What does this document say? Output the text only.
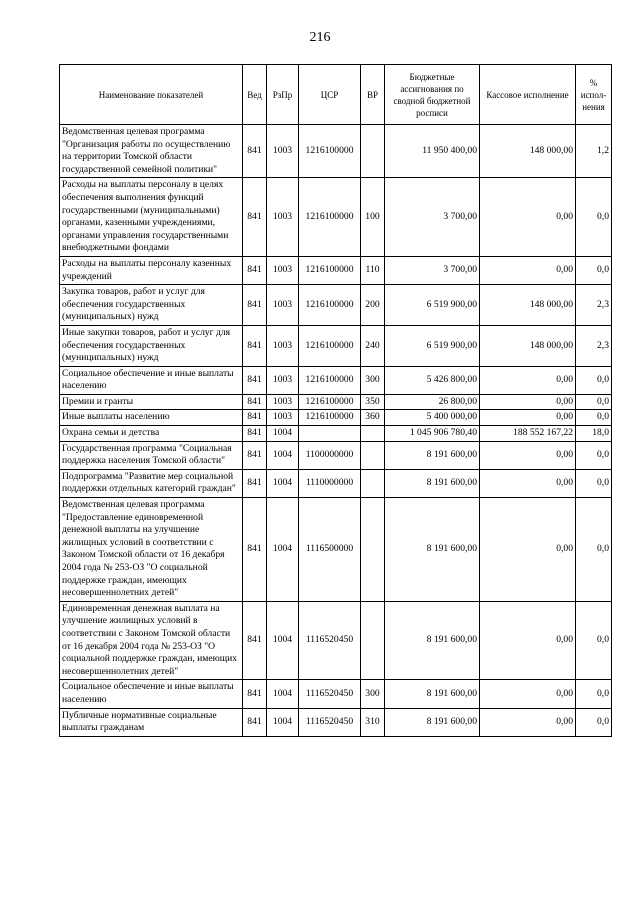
216
Наименование показателей	Вед	РзПр	ЦСР	ВР	Бюджетные ассигнования по сводной бюджетной росписи	Кассовое исполнение	% испол- нения
Ведомственная целевая программа "Организация работы по осуществлению на территории Томской области государственной семейной политики"	841	1003	1216100000		11 950 400,00	148 000,00	1,2
Расходы на выплаты персоналу в целях обеспечения выполнения функций государственными (муниципальными) органами, казенными учреждениями, органами управления государственными внебюджетными фондами	841	1003	1216100000	100	3 700,00	0,00	0,0
Расходы на выплаты персоналу казенных учреждений	841	1003	1216100000	110	3 700,00	0,00	0,0
Закупка товаров, работ и услуг для обеспечения государственных (муниципальных) нужд	841	1003	1216100000	200	6 519 900,00	148 000,00	2,3
Иные закупки товаров, работ и услуг для обеспечения государственных (муниципальных) нужд	841	1003	1216100000	240	6 519 900,00	148 000,00	2,3
Социальное обеспечение и иные выплаты населению	841	1003	1216100000	300	5 426 800,00	0,00	0,0
Премии и гранты	841	1003	1216100000	350	26 800,00	0,00	0,0
Иные выплаты населению	841	1003	1216100000	360	5 400 000,00	0,00	0,0
Охрана семьи и детства	841	1004			1 045 906 780,40	188 552 167,22	18,0
Государственная программа "Социальная поддержка населения Томской области"	841	1004	1100000000		8 191 600,00	0,00	0,0
Подпрограмма "Развитие мер социальной поддержки отдельных категорий граждан"	841	1004	1110000000		8 191 600,00	0,00	0,0
Ведомственная целевая программа "Предоставление единовременной денежной выплаты на улучшение жилищных условий в соответствии с Законом Томской области от 16 декабря 2004 года № 253-ОЗ "О социальной поддержке граждан, имеющих несовершеннолетних детей"	841	1004	1116500000		8 191 600,00	0,00	0,0
Единовременная денежная выплата на улучшение жилищных условий в соответствии с Законом Томской области от 16 декабря 2004 года № 253-ОЗ "О социальной поддержке граждан, имеющих несовершеннолетних детей"	841	1004	1116520450		8 191 600,00	0,00	0,0
Социальное обеспечение и иные выплаты населению	841	1004	1116520450	300	8 191 600,00	0,00	0,0
Публичные нормативные социальные выплаты гражданам	841	1004	1116520450	310	8 191 600,00	0,00	0,0
